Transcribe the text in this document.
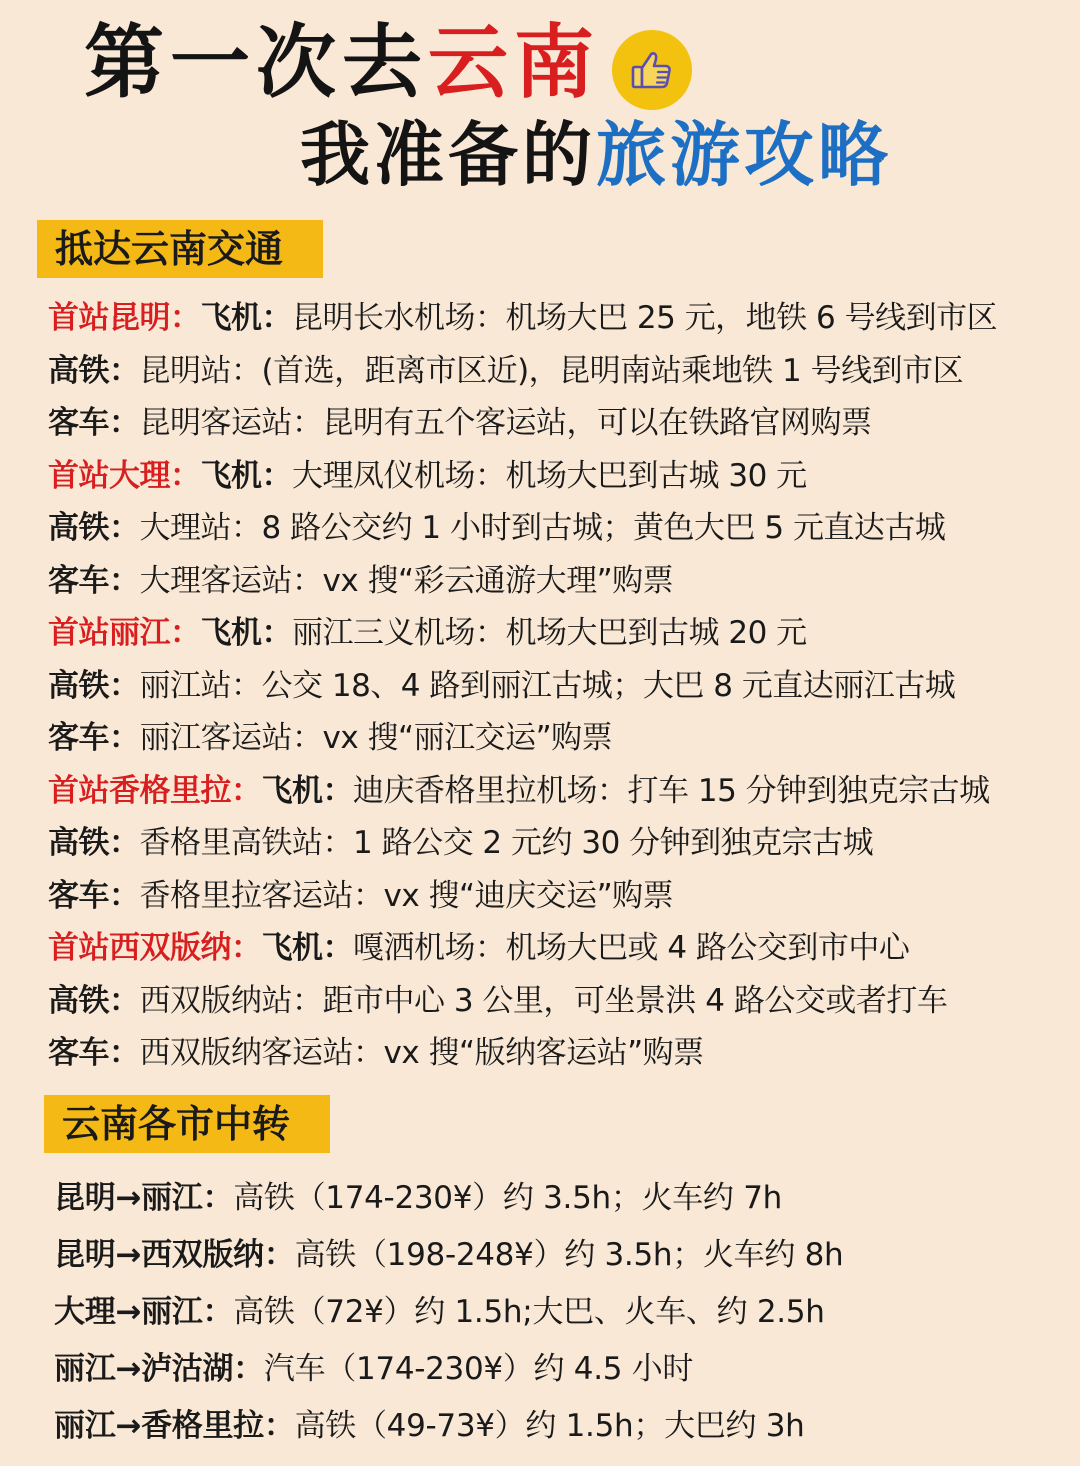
第一次去云南
我准备的旅游攻略
抵达云南交通
首站昆明：飞机：昆明长水机场：机场大巴 25 元，地铁 6 号线到市区
高铁：昆明站：(首选，距离市区近)，昆明南站乘地铁 1 号线到市区
客车：昆明客运站：昆明有五个客运站，可以在铁路官网购票
首站大理：飞机：大理凤仪机场：机场大巴到古城 30 元
高铁：大理站：8 路公交约 1 小时到古城；黄色大巴 5 元直达古城
客车：大理客运站：vx 搜“彩云通游大理”购票
首站丽江：飞机：丽江三义机场：机场大巴到古城 20 元
高铁：丽江站：公交 18、4 路到丽江古城；大巴 8 元直达丽江古城
客车：丽江客运站：vx 搜“丽江交运”购票
首站香格里拉：飞机：迪庆香格里拉机场：打车 15 分钟到独克宗古城
高铁：香格里高铁站：1 路公交 2 元约 30 分钟到独克宗古城
客车：香格里拉客运站：vx 搜“迪庆交运”购票
首站西双版纳：飞机：嘎洒机场：机场大巴或 4 路公交到市中心
高铁：西双版纳站：距市中心 3 公里，可坐景洪 4 路公交或者打车
客车：西双版纳客运站：vx 搜“版纳客运站”购票
云南各市中转
昆明→丽江：高铁（174-230¥）约 3.5h；火车约 7h
昆明→西双版纳：高铁（198-248¥）约 3.5h；火车约 8h
大理→丽江：高铁（72¥）约 1.5h;大巴、火车、约 2.5h
丽江→泸沽湖：汽车（174-230¥）约 4.5 小时
丽江→香格里拉：高铁（49-73¥）约 1.5h；大巴约 3h
